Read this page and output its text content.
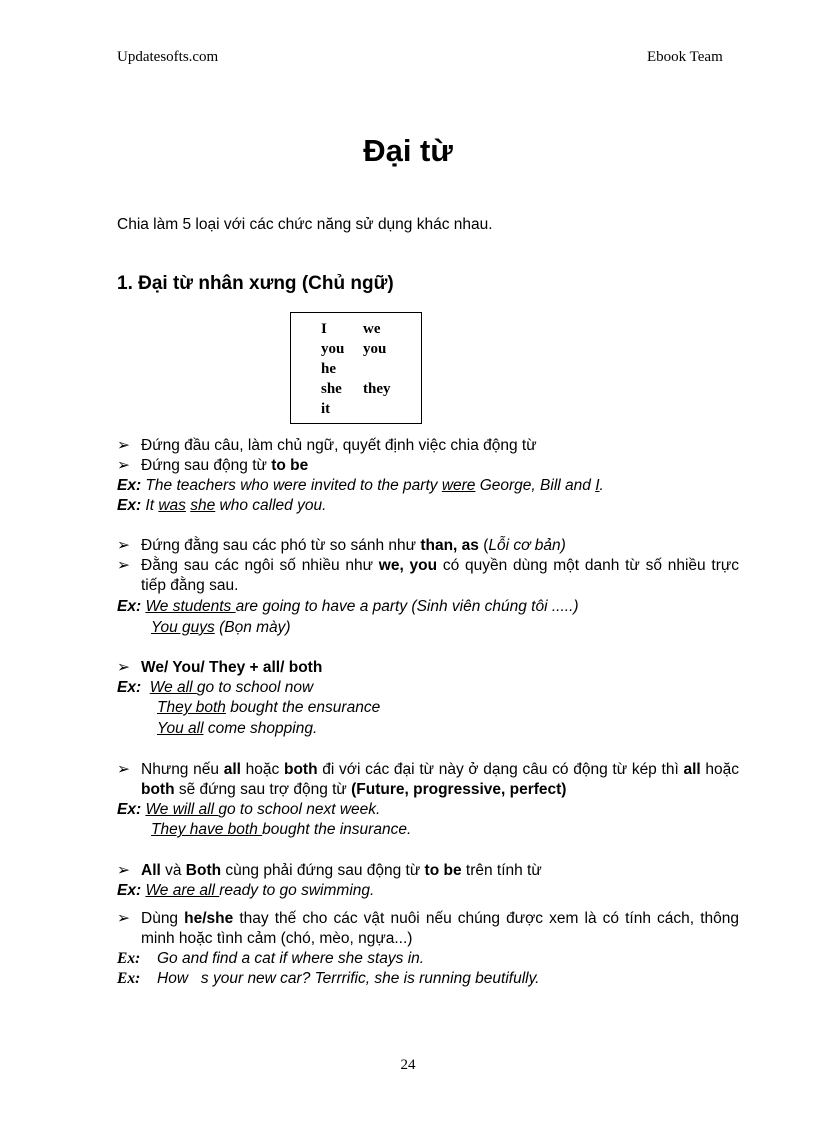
Updatesofts.com	Ebook Team
Đại từ
Chia làm 5 loại với các chức năng sử dụng khác nhau.
1. Đại từ nhân xưng (Chủ ngữ)
I
you
he
she
it
we
you
they
➢ Đứng đầu câu, làm chủ ngữ, quyết định việc chia động từ
➢ Đứng sau động từ to be
Ex: The teachers who were invited to the party were George, Bill and I.
Ex: It was she who called you.
➢ Đứng đằng sau các phó từ so sánh như than, as (Lỗi cơ bản)
➢ Đằng sau các ngôi số nhiều như we, you có quyền dùng một danh từ số nhiều trực tiếp đằng sau.
Ex: We students are going to have a party (Sinh viên chúng tôi .....)
You guys (Bọn mày)
➢ We/ You/ They + all/ both
Ex: We all go to school now
They both bought the ensurance
You all come shopping.
➢ Nhưng nếu all hoặc both đi với các đại từ này ở dạng câu có động từ kép thì all hoặc both sẽ đứng sau trợ động từ (Future, progressive, perfect)
Ex: We will all go to school next week.
They have both bought the insurance.
➢ All và Both cùng phải đứng sau động từ to be trên tính từ
Ex: We are all ready to go swimming.
➢ Dùng he/she thay thế cho các vật nuôi nếu chúng được xem là có tính cách, thông minh hoặc tình cảm (chó, mèo, ngựa...)
Ex: Go and find a cat if where she stays in.
Ex: How   s your new car? Terrrific, she is running beutifully.
24
